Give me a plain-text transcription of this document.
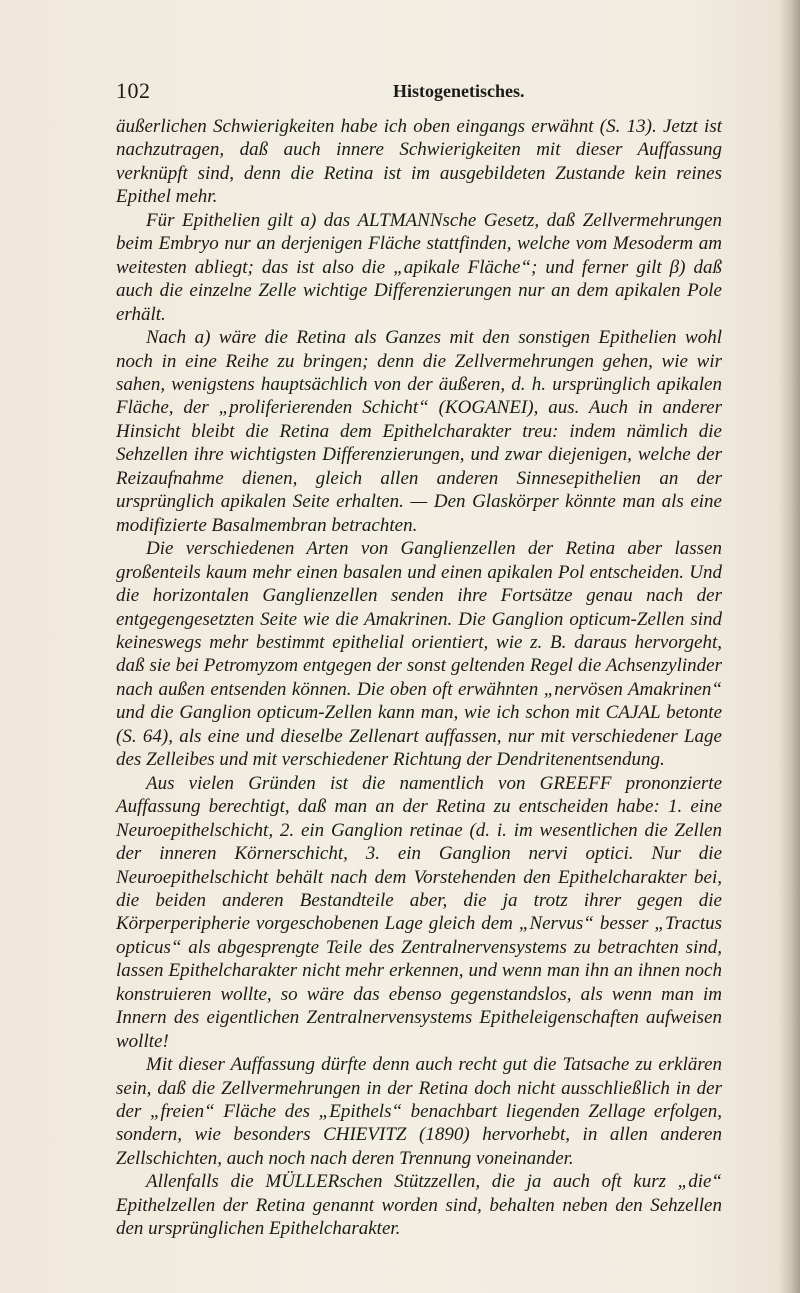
102	Histogenetisches.

äußerlichen Schwierigkeiten habe ich oben eingangs erwähnt (S. 13). Jetzt ist nachzutragen, daß auch innere Schwierigkeiten mit dieser Auffassung verknüpft sind, denn die Retina ist im ausgebildeten Zustande kein reines Epithel mehr.

Für Epithelien gilt a) das ALTMANNsche Gesetz, daß Zellvermehrungen beim Embryo nur an derjenigen Fläche stattfinden, welche vom Mesoderm am weitesten abliegt; das ist also die „apikale Fläche“; und ferner gilt β) daß auch die einzelne Zelle wichtige Differenzierungen nur an dem apikalen Pole erhält.

Nach a) wäre die Retina als Ganzes mit den sonstigen Epithelien wohl noch in eine Reihe zu bringen; denn die Zellvermehrungen gehen, wie wir sahen, wenigstens hauptsächlich von der äußeren, d. h. ursprünglich apikalen Fläche, der „proliferierenden Schicht“ (KOGANEI), aus. Auch in anderer Hinsicht bleibt die Retina dem Epithelcharakter treu: indem nämlich die Sehzellen ihre wichtigsten Differenzierungen, und zwar diejenigen, welche der Reizaufnahme dienen, gleich allen anderen Sinnesepithelien an der ursprünglich apikalen Seite erhalten. — Den Glaskörper könnte man als eine modifizierte Basalmembran betrachten.

Die verschiedenen Arten von Ganglienzellen der Retina aber lassen großenteils kaum mehr einen basalen und einen apikalen Pol entscheiden. Und die horizontalen Ganglienzellen senden ihre Fortsätze genau nach der entgegengesetzten Seite wie die Amakrinen. Die Ganglion opticum-Zellen sind keineswegs mehr bestimmt epithelial orientiert, wie z. B. daraus hervorgeht, daß sie bei Petromyzom entgegen der sonst geltenden Regel die Achsenzylinder nach außen entsenden können. Die oben oft erwähnten „nervösen Amakrinen“ und die Ganglion opticum-Zellen kann man, wie ich schon mit CAJAL betonte (S. 64), als eine und dieselbe Zellenart auffassen, nur mit verschiedener Lage des Zelleibes und mit verschiedener Richtung der Dendritenentsendung.

Aus vielen Gründen ist die namentlich von GREEFF prononzierte Auffassung berechtigt, daß man an der Retina zu entscheiden habe: 1. eine Neuroepithelschicht, 2. ein Ganglion retinae (d. i. im wesentlichen die Zellen der inneren Körnerschicht, 3. ein Ganglion nervi optici. Nur die Neuroepithelschicht behält nach dem Vorstehenden den Epithelcharakter bei, die beiden anderen Bestandteile aber, die ja trotz ihrer gegen die Körperperipherie vorgeschobenen Lage gleich dem „Nervus“ besser „Tractus opticus“ als abgesprengte Teile des Zentralnervensystems zu betrachten sind, lassen Epithelcharakter nicht mehr erkennen, und wenn man ihn an ihnen noch konstruieren wollte, so wäre das ebenso gegenstandslos, als wenn man im Innern des eigentlichen Zentralnervensystems Epitheleigenschaften aufweisen wollte!

Mit dieser Auffassung dürfte denn auch recht gut die Tatsache zu erklären sein, daß die Zellvermehrungen in der Retina doch nicht ausschließlich in der der „freien“ Fläche des „Epithels“ benachbart liegenden Zellage erfolgen, sondern, wie besonders CHIEVITZ (1890) hervorhebt, in allen anderen Zellschichten, auch noch nach deren Trennung voneinander.

Allenfalls die MÜLLERschen Stützzellen, die ja auch oft kurz „die“ Epithelzellen der Retina genannt worden sind, behalten neben den Sehzellen den ursprünglichen Epithelcharakter.
